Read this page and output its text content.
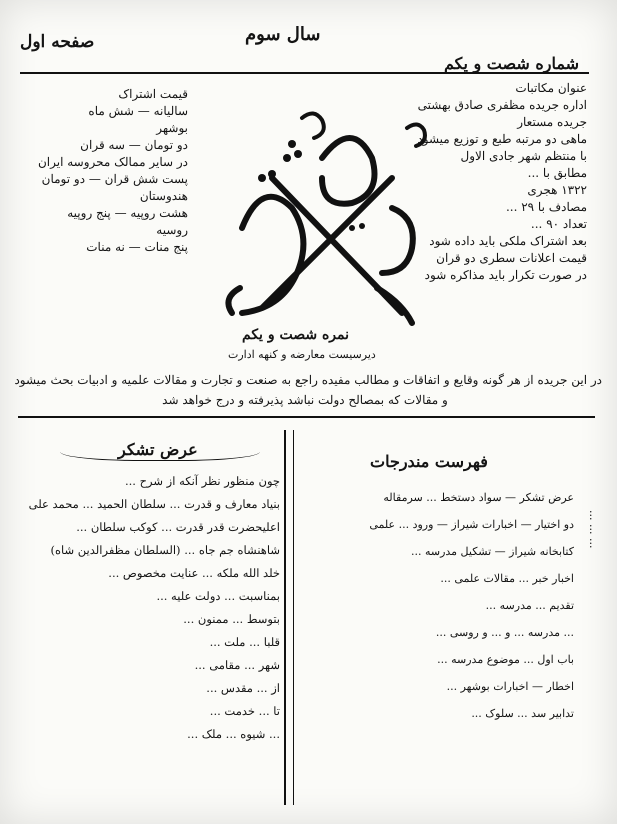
صفحه اول	سال سوم
شماره شصت و یکم
قیمت اشتراک
سالیانه — شش ماه
بوشهر
دو تومان — سه قران
در سایر ممالک محروسه ایران
پست شش قران — دو تومان
هندوستان
هشت روپیه — پنج روپیه
روسیه
پنج منات — نه منات
نمره شصت و یکم
دیرسیست معارضه و کنهه ادارت
عنوان مکاتبات
اداره جریده مظفری صادق بهشتی
جریده مستعار
ماهی دو مرتبه طبع و توزیع میشود
با منتظم شهر جادی الاول
مطابق با ...
۱۳۲۲ هجری
مصادف با ۲۹ ...
تعداد ۹۰ ...
بعد اشتراک ملکی باید داده شود
قیمت اعلانات سطری دو قران
در صورت تکرار باید مذاکره شود
در این جریده از هر گونه وقایع و اتفاقات و مطالب مفیده راجع به صنعت و تجارت و مقالات علمیه و ادبیات بحث میشود
و مقالات که بمصالح دولت نباشد پذیرفته و درج خواهد شد
عرض تشکر
چون منظور نظر آنکه از شرح ...
بنیاد معارف و قدرت ... سلطان الحمید ... محمد علی
اعلیحضرت قدر قدرت ... کوکب سلطان ...
شاهنشاه جم جاه ... (السلطان مظفرالدین شاه)
خلد الله ملکه ... عنایت مخصوص ...
بمناسبت ... دولت علیه ...
بتوسط ... ممنون ...
قلبا ... ملت ...
شهر ... مقامی ...
از ... مقدس ...
تا ... خدمت ...
... شیوه ... ملک ...
فهرست مندرجات
عرض تشکر — سواد دستخط ... سرمقاله
دو اختیار — اخبارات شیراز — ورود ... علمی
کتابخانه شیراز — تشکیل مدرسه ...
اخبار خبر ... مقالات علمی ...
تقدیم ... مدرسه ...
... مدرسه ... و ... و روسی ...
باب اول ... موضوع مدرسه ...
اخطار — اخبارات بوشهر ...
تدابیر سد ... سلوک ...
... ... ...
